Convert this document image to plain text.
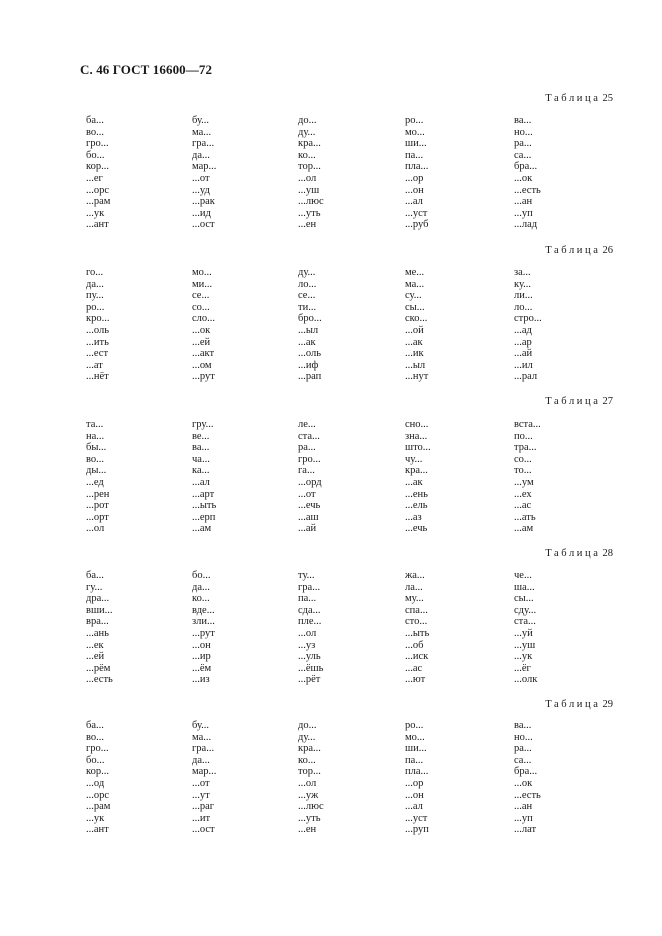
С. 46 ГОСТ 16600—72
Таблица 25
ба...
во...
гро...
бо...
кор...
...ег
...орс
...рам
...ук
...ант
бу...
ма...
гра...
да...
мар...
...от
...уд
...рак
...ид
...ост
до...
ду...
кра...
ко...
тор...
...ол
...уш
...люс
...уть
...ен
ро...
мо...
ши...
па...
пла...
...ор
...он
...ал
...уст
...руб
ва...
но...
ра...
са...
бра...
...ок
...есть
...ан
...уп
...лад
Таблица 26
го...
да...
пу...
ро...
кро...
...оль
...ить
...ест
...ат
...нёт
мо...
ми...
се...
со...
сло...
...ок
...ей
...акт
...ом
...рут
ду...
ло...
се...
ти...
бро...
...ыл
...ак
...оль
...иф
...рап
ме...
ма...
су...
сы...
ско...
...ой
...ак
...ик
...ыл
...нут
за...
ку...
ли...
ло...
стро...
...ад
...ар
...ай
...ил
...рал
Таблица 27
та...
на...
бы...
во...
ды...
...ед
...рен
...рот
...орт
...ол
гру...
ве...
ва...
ча...
ка...
...ал
...арт
...ыть
...ерп
...ам
ле...
ста...
ра...
гро...
га...
...орд
...от
...ечь
...аш
...ай
сно...
зна...
што...
чу...
кра...
...ак
...ень
...ель
...аз
...ечь
вста...
по...
тра...
со...
то...
...ум
...ех
...ас
...ать
...ам
Таблица 28
ба...
гу...
дра...
вши...
вра...
...ань
...ек
...ей
...рём
...есть
бо...
да...
ко...
вде...
зли...
...рут
...он
...ир
...ём
...из
ту...
гра...
па...
сда...
пле...
...ол
...уз
...уль
...ёшь
...рёт
жа...
ла...
му...
спа...
сто...
...ыть
...об
...иск
...ас
...ют
че...
ша...
сы...
сду...
ста...
...уй
...уш
...ук
...ёг
...олк
Таблица 29
ба...
во...
гро...
бо...
кор...
...од
...орс
...рам
...ук
...ант
бу...
ма...
гра...
да...
мар...
...от
...ут
...раг
...ит
...ост
до...
ду...
кра...
ко...
тор...
...ол
...уж
...люс
...уть
...ен
ро...
мо...
ши...
па...
пла...
...ор
...он
...ал
...уст
...руп
ва...
но...
ра...
са...
бра...
...ок
...есть
...ан
...уп
...лат
